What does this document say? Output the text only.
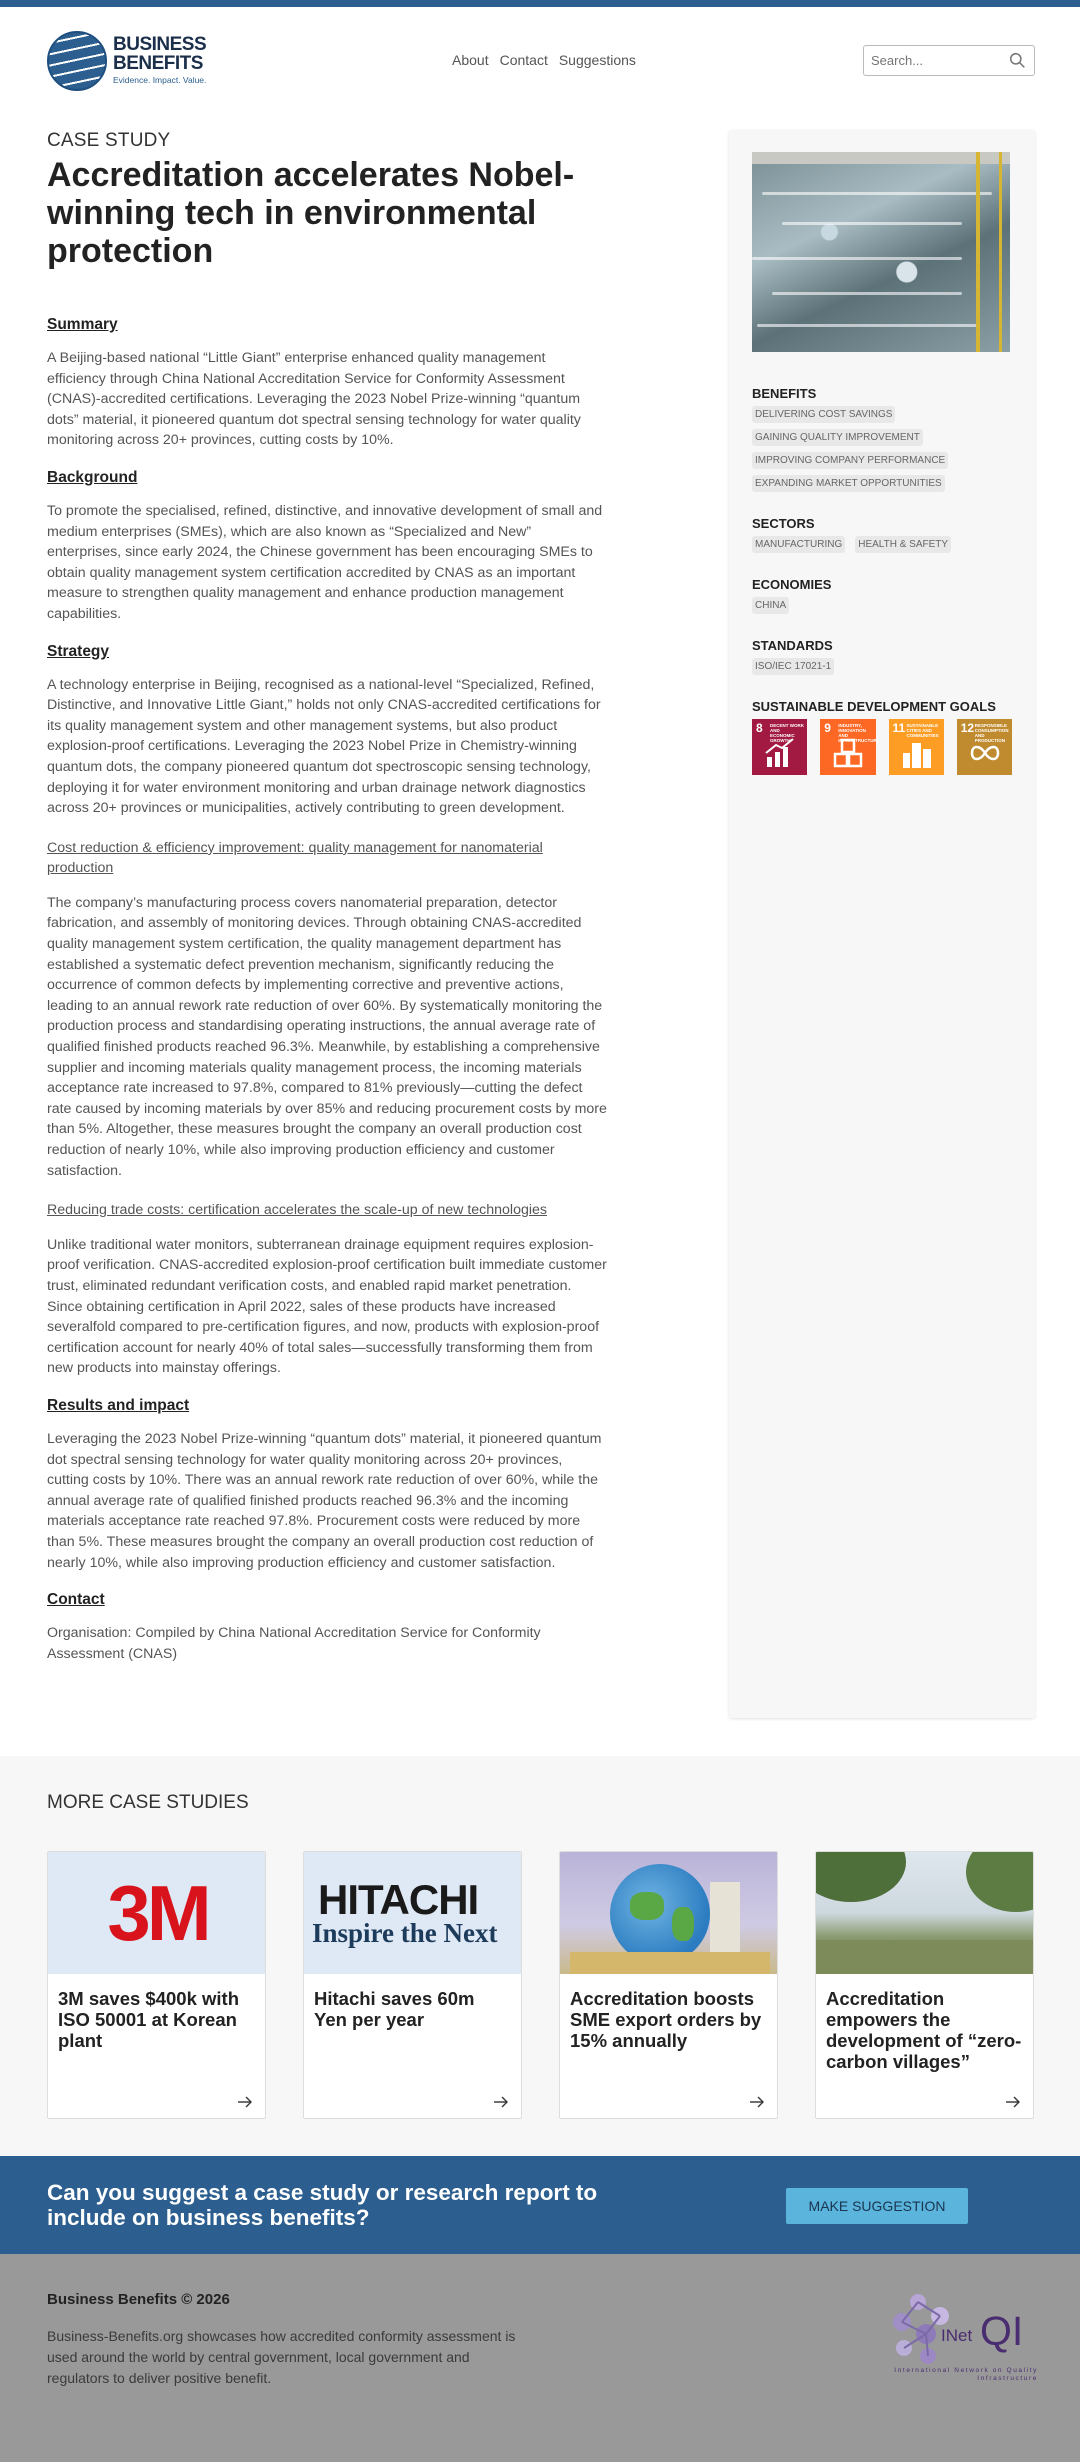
BUSINESS
BENEFITS
Evidence. Impact. Value.
About Contact Suggestions
Search...
CASE STUDY
Accreditation accelerates Nobel-winning tech in environmental protection
Summary

A Beijing-based national “Little Giant” enterprise enhanced quality management efficiency through China National Accreditation Service for Conformity Assessment (CNAS)-accredited certifications. Leveraging the 2023 Nobel Prize-winning “quantum dots” material, it pioneered quantum dot spectral sensing technology for water quality monitoring across 20+ provinces, cutting costs by 10%.

Background

To promote the specialised, refined, distinctive, and innovative development of small and medium enterprises (SMEs), which are also known as “Specialized and New” enterprises, since early 2024, the Chinese government has been encouraging SMEs to obtain quality management system certification accredited by CNAS as an important measure to strengthen quality management and enhance production management capabilities.

Strategy

A technology enterprise in Beijing, recognised as a national-level “Specialized, Refined, Distinctive, and Innovative Little Giant,” holds not only CNAS-accredited certifications for its quality management system and other management systems, but also product explosion-proof certifications. Leveraging the 2023 Nobel Prize in Chemistry-winning quantum dots, the company pioneered quantum dot spectroscopic sensing technology, deploying it for water environment monitoring and urban drainage network diagnostics across 20+ provinces or municipalities, actively contributing to green development.

Cost reduction & efficiency improvement: quality management for nanomaterial production

The company’s manufacturing process covers nanomaterial preparation, detector fabrication, and assembly of monitoring devices. Through obtaining CNAS-accredited quality management system certification, the quality management department has established a systematic defect prevention mechanism, significantly reducing the occurrence of common defects by implementing corrective and preventive actions, leading to an annual rework rate reduction of over 60%. By systematically monitoring the production process and standardising operating instructions, the annual average rate of qualified finished products reached 96.3%. Meanwhile, by establishing a comprehensive supplier and incoming materials quality management process, the incoming materials acceptance rate increased to 97.8%, compared to 81% previously—cutting the defect rate caused by incoming materials by over 85% and reducing procurement costs by more than 5%. Altogether, these measures brought the company an overall production cost reduction of nearly 10%, while also improving production efficiency and customer satisfaction.

Reducing trade costs: certification accelerates the scale-up of new technologies

Unlike traditional water monitors, subterranean drainage equipment requires explosion-proof verification. CNAS-accredited explosion-proof certification built immediate customer trust, eliminated redundant verification costs, and enabled rapid market penetration. Since obtaining certification in April 2022, sales of these products have increased severalfold compared to pre-certification figures, and now, products with explosion-proof certification account for nearly 40% of total sales—successfully transforming them from new products into mainstay offerings.

Results and impact

Leveraging the 2023 Nobel Prize-winning “quantum dots” material, it pioneered quantum dot spectral sensing technology for water quality monitoring across 20+ provinces, cutting costs by 10%. There was an annual rework rate reduction of over 60%, while the annual average rate of qualified finished products reached 96.3% and the incoming materials acceptance rate reached 97.8%. Procurement costs were reduced by more than 5%. These measures brought the company an overall production cost reduction of nearly 10%, while also improving production efficiency and customer satisfaction.

Contact

Organisation: Compiled by China National Accreditation Service for Conformity Assessment (CNAS)

BENEFITS
DELIVERING COST SAVINGS
GAINING QUALITY IMPROVEMENT
IMPROVING COMPANY PERFORMANCE
EXPANDING MARKET OPPORTUNITIES
SECTORS
MANUFACTURING	HEALTH & SAFETY
ECONOMIES
CHINA
STANDARDS
ISO/IEC 17021-1
SUSTAINABLE DEVELOPMENT GOALS
8 DECENT WORK AND ECONOMIC GROWTH
9 INDUSTRY, INNOVATION AND INFRASTRUCTURE
11 SUSTAINABLE CITIES AND COMMUNITIES
12 RESPONSIBLE CONSUMPTION AND PRODUCTION
MORE CASE STUDIES
3M
3M saves $400k with ISO 50001 at Korean plant
HITACHI
Inspire the Next
Hitachi saves 60m Yen per year
Accreditation boosts SME export orders by 15% annually
Accreditation empowers the development of “zero-carbon villages”
Can you suggest a case study or research report to include on business benefits?	MAKE SUGGESTION
Business Benefits © 2026
Business-Benefits.org showcases how accredited conformity assessment is used around the world by central government, local government and regulators to deliver positive benefit.
INet QI
International Network on Quality Infrastructure
